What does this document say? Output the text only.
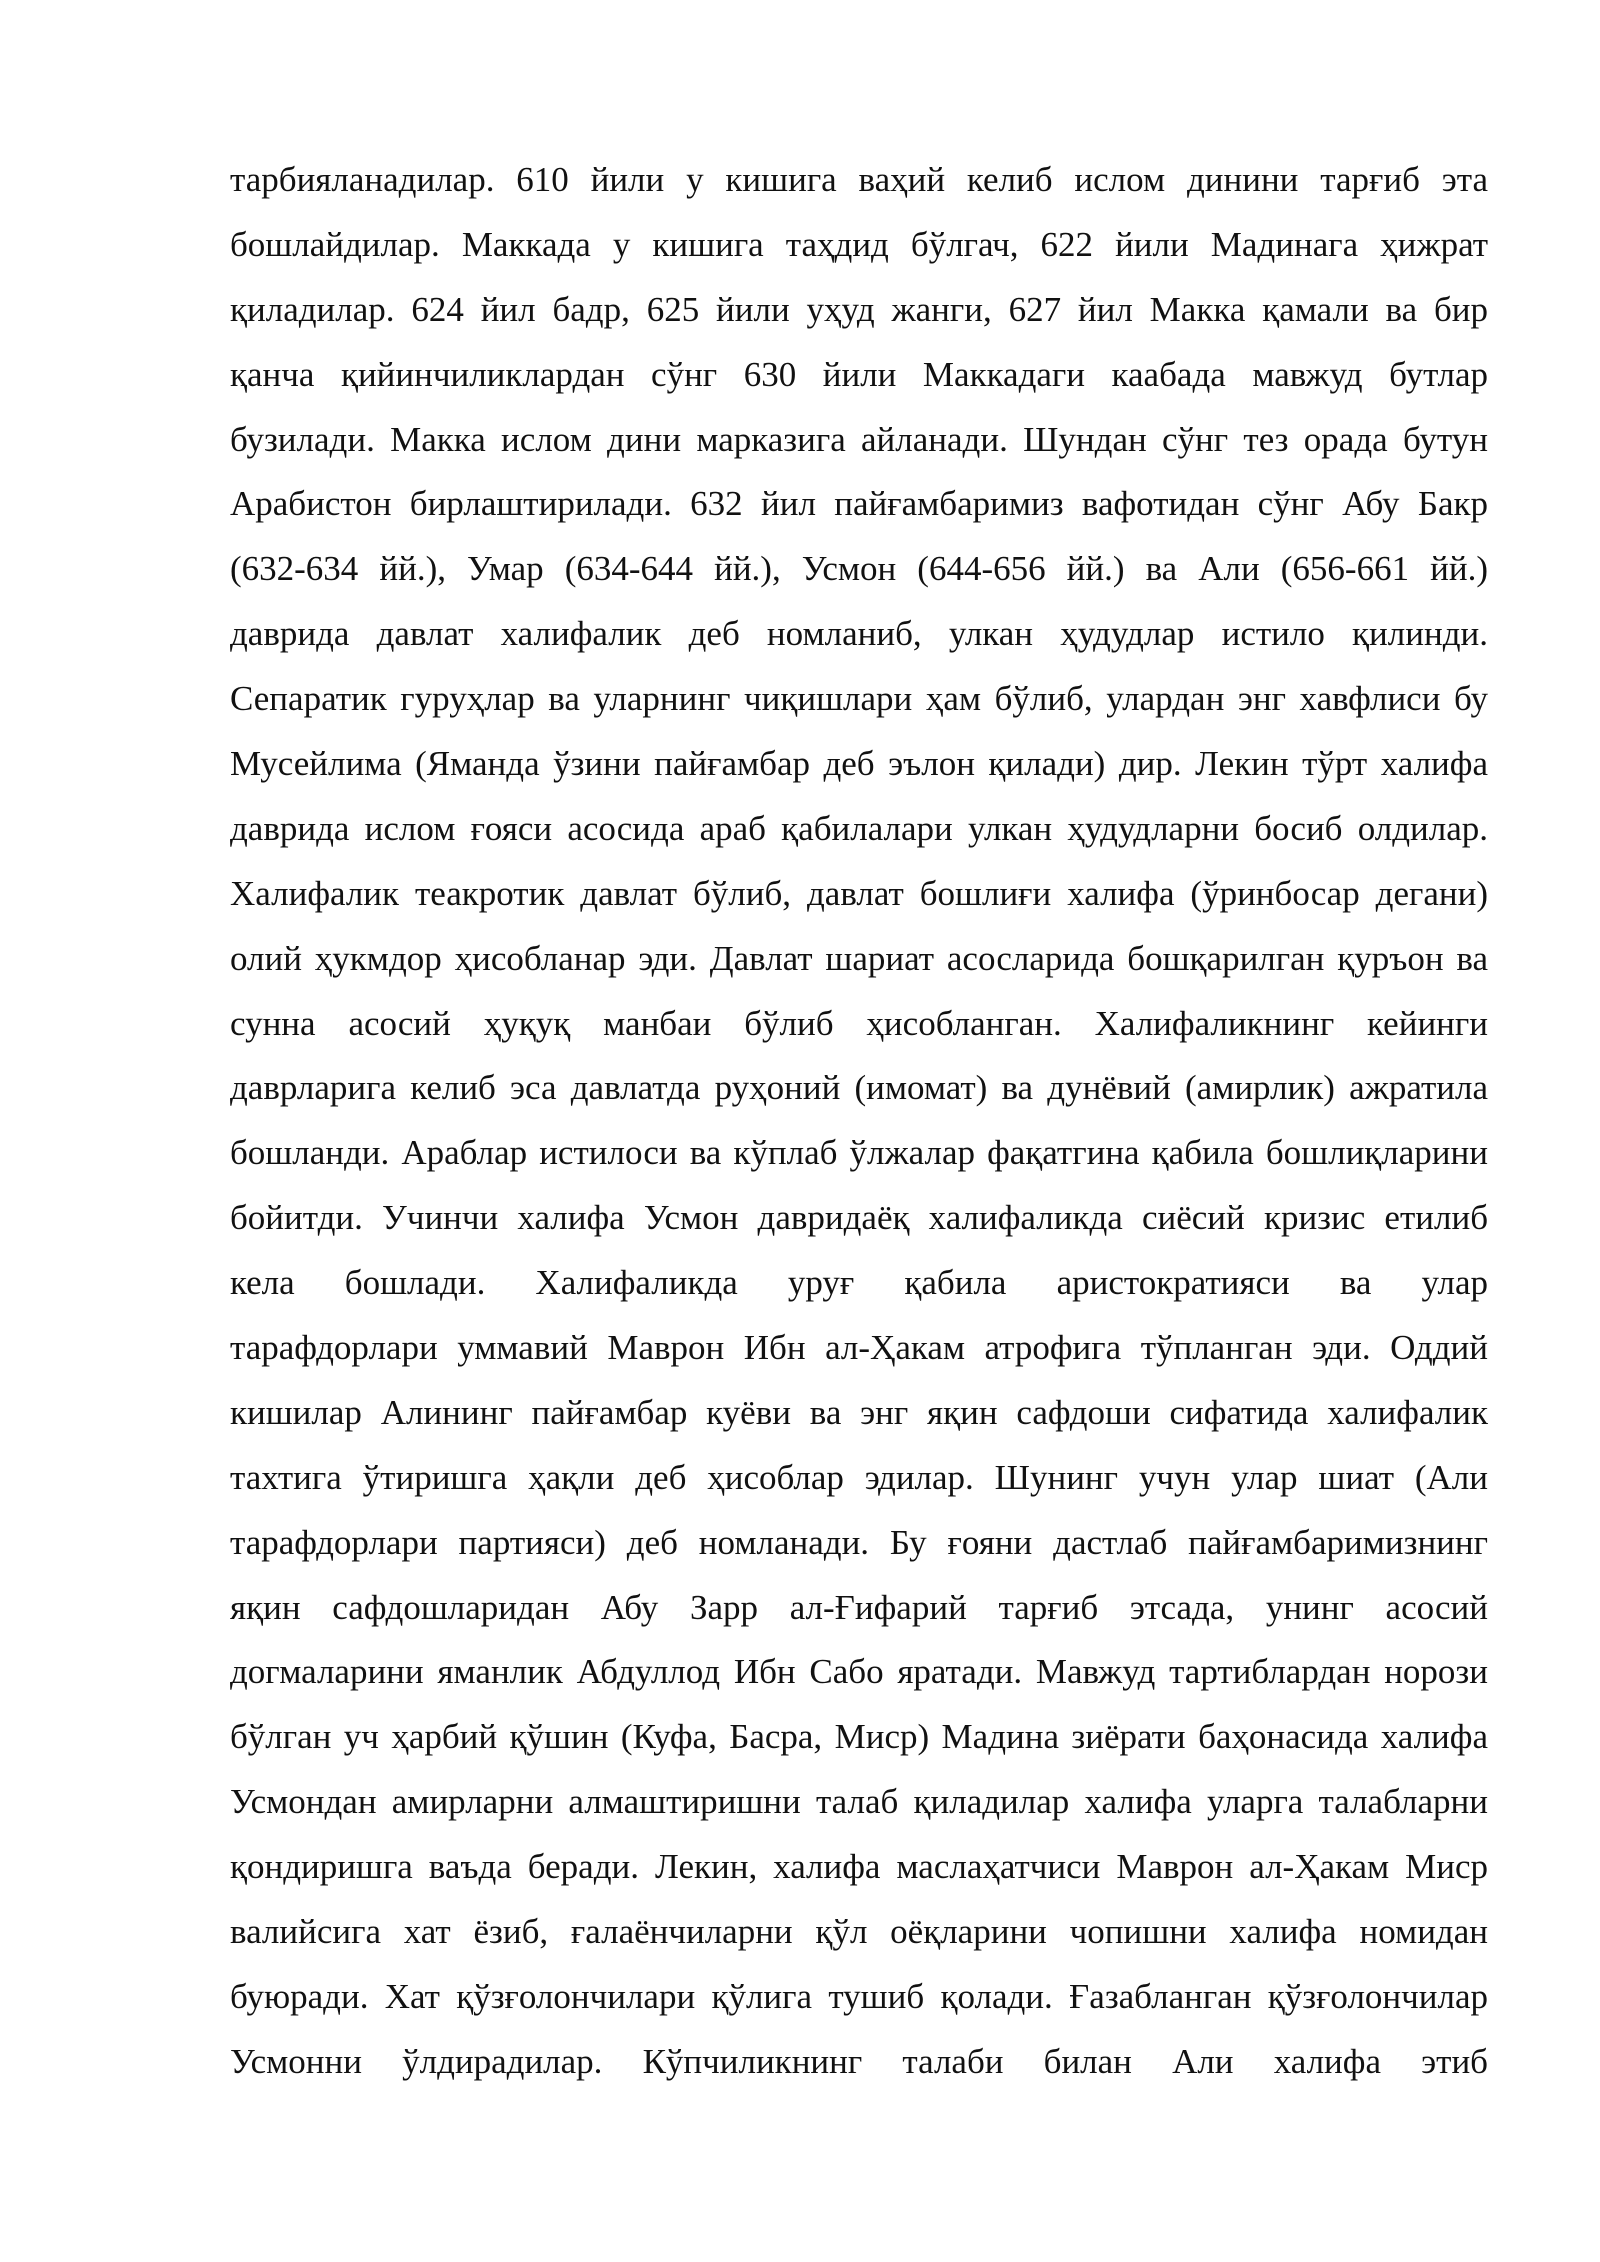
тарбияланадилар. 610 йили у кишига ваҳий келиб ислом динини тарғиб эта
бошлайдилар. Маккада у кишига таҳдид бўлгач, 622 йили Мадинага ҳижрат
қиладилар. 624 йил бадр, 625 йили уҳуд жанги, 627 йил Макка қамали ва бир
қанча қийинчиликлардан сўнг 630 йили Маккадаги каабада мавжуд бутлар
бузилади. Макка ислом дини марказига айланади. Шундан сўнг тез орада бутун
Арабистон бирлаштирилади. 632 йил пайғамбаримиз вафотидан сўнг Абу Бакр
(632-634 йй.), Умар (634-644 йй.), Усмон (644-656 йй.) ва Али (656-661 йй.)
даврида давлат халифалик деб номланиб, улкан ҳудудлар истило қилинди.
Сепаратик гуруҳлар ва уларнинг чиқишлари ҳам бўлиб, улардан энг хавфлиси бу
Мусейлима (Яманда ўзини пайғамбар деб эълон қилади) дир. Лекин тўрт халифа
даврида ислом ғояси асосида араб қабилалари улкан ҳудудларни босиб олдилар.
Халифалик теакротик давлат бўлиб, давлат бошлиғи халифа (ўринбосар дегани)
олий ҳукмдор ҳисобланар эди. Давлат шариат асосларида бошқарилган қуръон ва
сунна асосий ҳуқуқ манбаи бўлиб ҳисобланган. Халифаликнинг кейинги
даврларига келиб эса давлатда руҳоний (имомат) ва дунёвий (амирлик) ажратила
бошланди. Араблар истилоси ва кўплаб ўлжалар фақатгина қабила бошлиқларини
бойитди. Учинчи халифа Усмон давридаёқ халифаликда сиёсий кризис етилиб
кела бошлади. Халифаликда уруғ қабила аристократияси ва улар
тарафдорлари уммавий Маврон Ибн ал-Ҳакам атрофига тўпланган эди. Оддий
кишилар Алининг пайғамбар куёви ва энг яқин сафдоши сифатида халифалик
тахтига ўтиришга ҳақли деб ҳисоблар эдилар. Шунинг учун улар шиат (Али
тарафдорлари партияси) деб номланади. Бу ғояни дастлаб пайғамбаримизнинг
яқин сафдошларидан Абу Зарр ал-Ғифарий тарғиб этсада, унинг асосий
догмаларини яманлик Абдуллод Ибн Сабо яратади. Мавжуд тартиблардан норози
бўлган уч ҳарбий қўшин (Куфа, Басра, Миср) Мадина зиёрати баҳонасида халифа
Усмондан амирларни алмаштиришни талаб қиладилар халифа уларга талабларни
қондиришга ваъда беради. Лекин, халифа маслаҳатчиси Маврон ал-Ҳакам Миср
валийсига хат ёзиб, ғалаёнчиларни қўл оёқларини чопишни халифа номидан
буюради. Хат қўзғолончилари қўлига тушиб қолади. Ғазабланган қўзғолончилар
Усмонни ўлдирадилар. Кўпчиликнинг талаби билан Али халифа этиб
